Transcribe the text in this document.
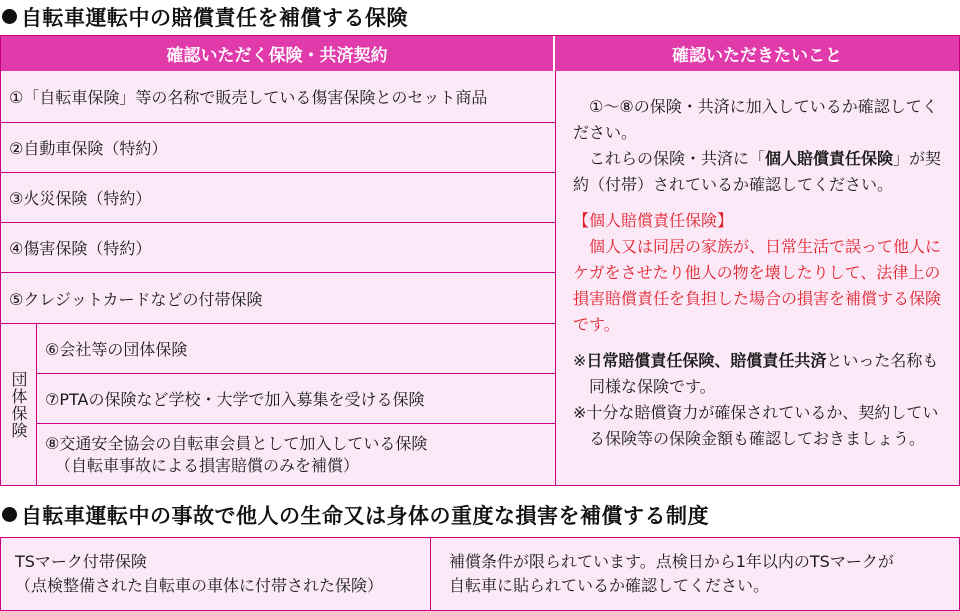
自転車運転中の賠償責任を補償する保険
確認いただく保険・共済契約	確認いただきたいこと
①「自転車保険」等の名称で販売している傷害保険とのセット商品
②自動車保険（特約）
③火災保険（特約）
④傷害保険（特約）
⑤クレジットカードなどの付帯保険
団体保険
⑥会社等の団体保険
⑦PTAの保険など学校・大学で加入募集を受ける保険
⑧交通安全協会の自転車会員として加入している保険
（自転車事故による損害賠償のみを補償）

①〜⑧の保険・共済に加入しているか確認してください。

これらの保険・共済に「個人賠償責任保険」が契約（付帯）されているか確認してください。

【個人賠償責任保険】

個人又は同居の家族が、日常生活で誤って他人にケガをさせたり他人の物を壊したりして、法律上の損害賠償責任を負担した場合の損害を補償する保険です。

※日常賠償責任保険、賠償責任共済といった名称も同様な保険です。

※十分な賠償資力が確保されているか、契約している保険等の保険金額も確認しておきましょう。

自転車運転中の事故で他人の生命又は身体の重度な損害を補償する制度

TSマーク付帯保険

（点検整備された自転車の車体に付帯された保険）

補償条件が限られています。点検日から1年以内のTSマークが

自転車に貼られているか確認してください。
